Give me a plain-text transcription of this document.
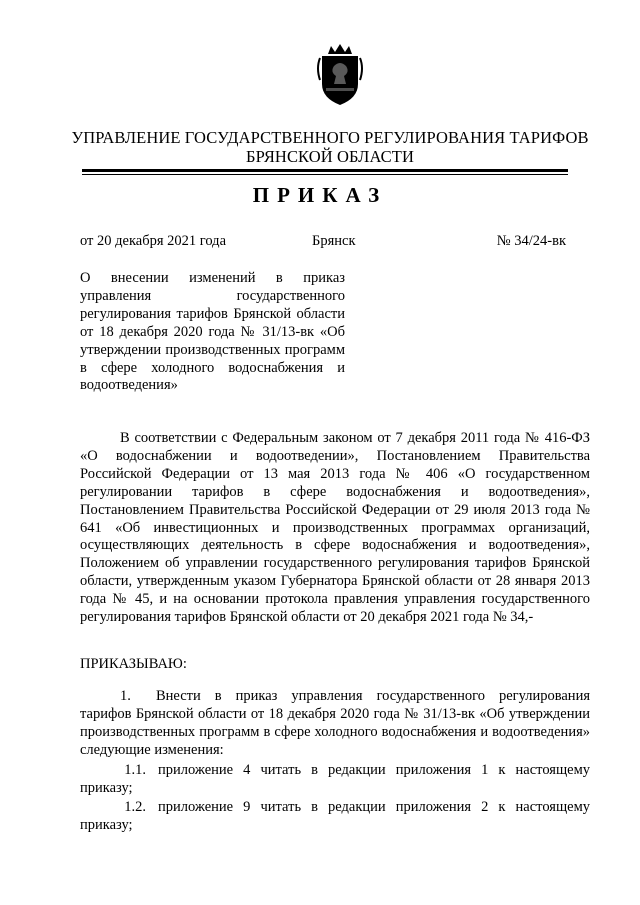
УПРАВЛЕНИЕ ГОСУДАРСТВЕННОГО РЕГУЛИРОВАНИЯ ТАРИФОВ
БРЯНСКОЙ ОБЛАСТИ
ПРИКАЗ
от 20 декабря 2021 года	Брянск	№ 34/24-вк
О внесении изменений в приказ управления государственного регулирования тарифов Брянской области от 18 декабря 2020 года № 31/13-вк «Об утверждении производственных программ в сфере холодного водоснабжения и водоотведения»
В соответствии с Федеральным законом от 7 декабря 2011 года № 416-ФЗ «О водоснабжении и водоотведении», Постановлением Правительства Российской Федерации от 13 мая 2013 года № 406 «О государственном регулировании тарифов в сфере водоснабжения и водоотведения», Постановлением Правительства Российской Федерации от 29 июля 2013 года № 641 «Об инвестиционных и производственных программах организаций, осуществляющих деятельность в сфере водоснабжения и водоотведения», Положением об управлении государственного регулирования тарифов Брянской области, утвержденным указом Губернатора Брянской области от 28 января 2013 года № 45, и на основании протокола правления управления государственного регулирования тарифов Брянской области от 20 декабря 2021 года № 34,-
ПРИКАЗЫВАЮ:

1. Внести в приказ управления государственного регулирования тарифов Брянской области от 18 декабря 2020 года № 31/13-вк «Об утверждении производственных программ в сфере холодного водоснабжения и водоотведения» следующие изменения:

1.1. приложение 4 читать в редакции приложения 1 к настоящему приказу;

1.2. приложение 9 читать в редакции приложения 2 к настоящему приказу;
